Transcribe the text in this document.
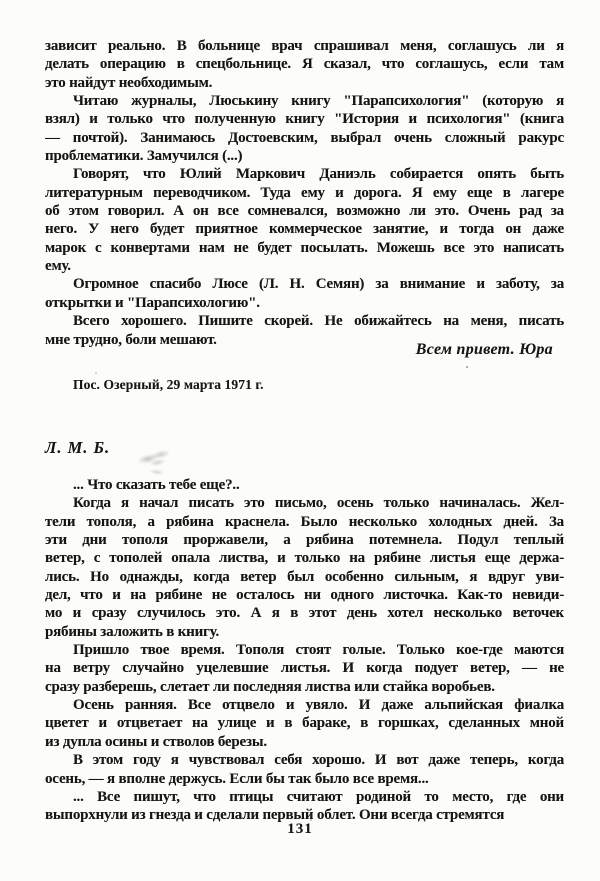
зависит реально. В больнице врач спрашивал меня, соглашусь ли я
делать операцию в спецбольнице. Я сказал, что соглашусь, если там
это найдут необходимым.
Читаю журналы, Люськину книгу "Парапсихология" (которую я
взял) и только что полученную книгу "История и психология" (книга
— почтой). Занимаюсь Достоевским, выбрал очень сложный ракурс
проблематики. Замучился (...)
Говорят, что Юлий Маркович Даниэль собирается опять быть
литературным переводчиком. Туда ему и дорога. Я ему еще в лагере
об этом говорил. А он все сомневался, возможно ли это. Очень рад за
него. У него будет приятное коммерческое занятие, и тогда он даже
марок с конвертами нам не будет посылать. Можешь все это написать
ему.
Огромное спасибо Люсе (Л. Н. Семян) за внимание и заботу, за
открытки и "Парапсихологию".
Всего хорошего. Пишите скорей. Не обижайтесь на меня, писать
мне трудно, боли мешают.
Всем привет. Юра
Пос. Озерный, 29 марта 1971 г.
Л. М. Б.
... Что сказать тебе еще?..
Когда я начал писать это письмо, осень только начиналась. Жел-
тели тополя, а рябина краснела. Было несколько холодных дней. За
эти дни тополя проржавели, а рябина потемнела. Подул теплый
ветер, с тополей опала листва, и только на рябине листья еще держа-
лись. Но однажды, когда ветер был особенно сильным, я вдруг уви-
дел, что и на рябине не осталось ни одного листочка. Как-то невиди-
мо и сразу случилось это. А я в этот день хотел несколько веточек
рябины заложить в книгу.
Пришло твое время. Тополя стоят голые. Только кое-где маются
на ветру случайно уцелевшие листья. И когда подует ветер, — не
сразу разберешь, слетает ли последняя листва или стайка воробьев.
Осень ранняя. Все отцвело и увяло. И даже альпийская фиалка
цветет и отцветает на улице и в бараке, в горшках, сделанных мной
из дупла осины и стволов березы.
В этом году я чувствовал себя хорошо. И вот даже теперь, когда
осень, — я вполне держусь. Если бы так было все время...
... Все пишут, что птицы считают родиной то место, где они
выпорхнули из гнезда и сделали первый облет. Они всегда стремятся
131
